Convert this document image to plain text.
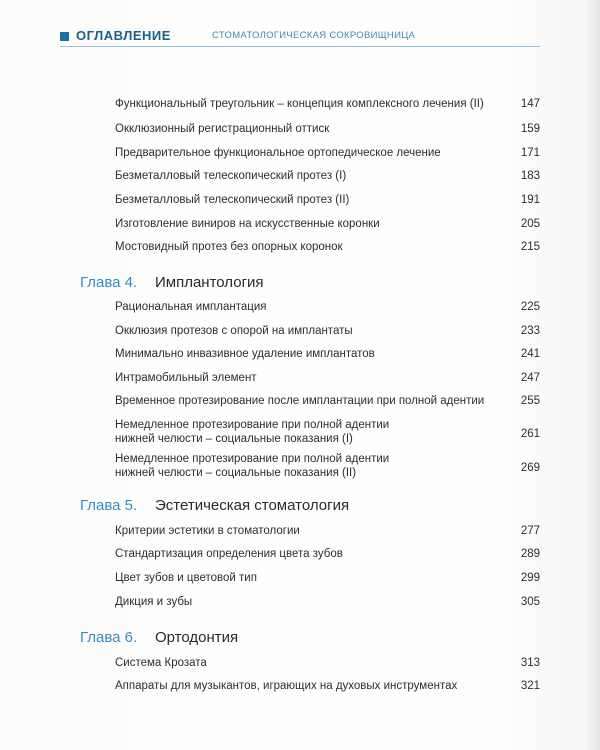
ОГЛАВЛЕНИЕ	СТОМАТОЛОГИЧЕСКАЯ СОКРОВИЩНИЦА
Функциональный треугольник – концепция комплексного лечения (II)	147
Окклюзионный регистрационный оттиск	159
Предварительное функциональное ортопедическое лечение	171
Безметалловый телескопический протез (I)	183
Безметалловый телескопический протез (II)	191
Изготовление виниров на искусственные коронки	205
Мостовидный протез без опорных коронок	215
Глава 4. Имплантология
Рациональная имплантация	225
Окклюзия протезов с опорой на имплантаты	233
Минимально инвазивное удаление имплантатов	241
Интрамобильный элемент	247
Временное протезирование после имплантации при полной адентии	255
Немедленное протезирование при полной адентии
нижней челюсти – социальные показания (I)	261
Немедленное протезирование при полной адентии
нижней челюсти – социальные показания (II)	269
Глава 5. Эстетическая стоматология
Критерии эстетики в стоматологии	277
Стандартизация определения цвета зубов	289
Цвет зубов и цветовой тип	299
Дикция и зубы	305
Глава 6. Ортодонтия
Система Крозата	313
Аппараты для музыкантов, играющих на духовых инструментах	321
